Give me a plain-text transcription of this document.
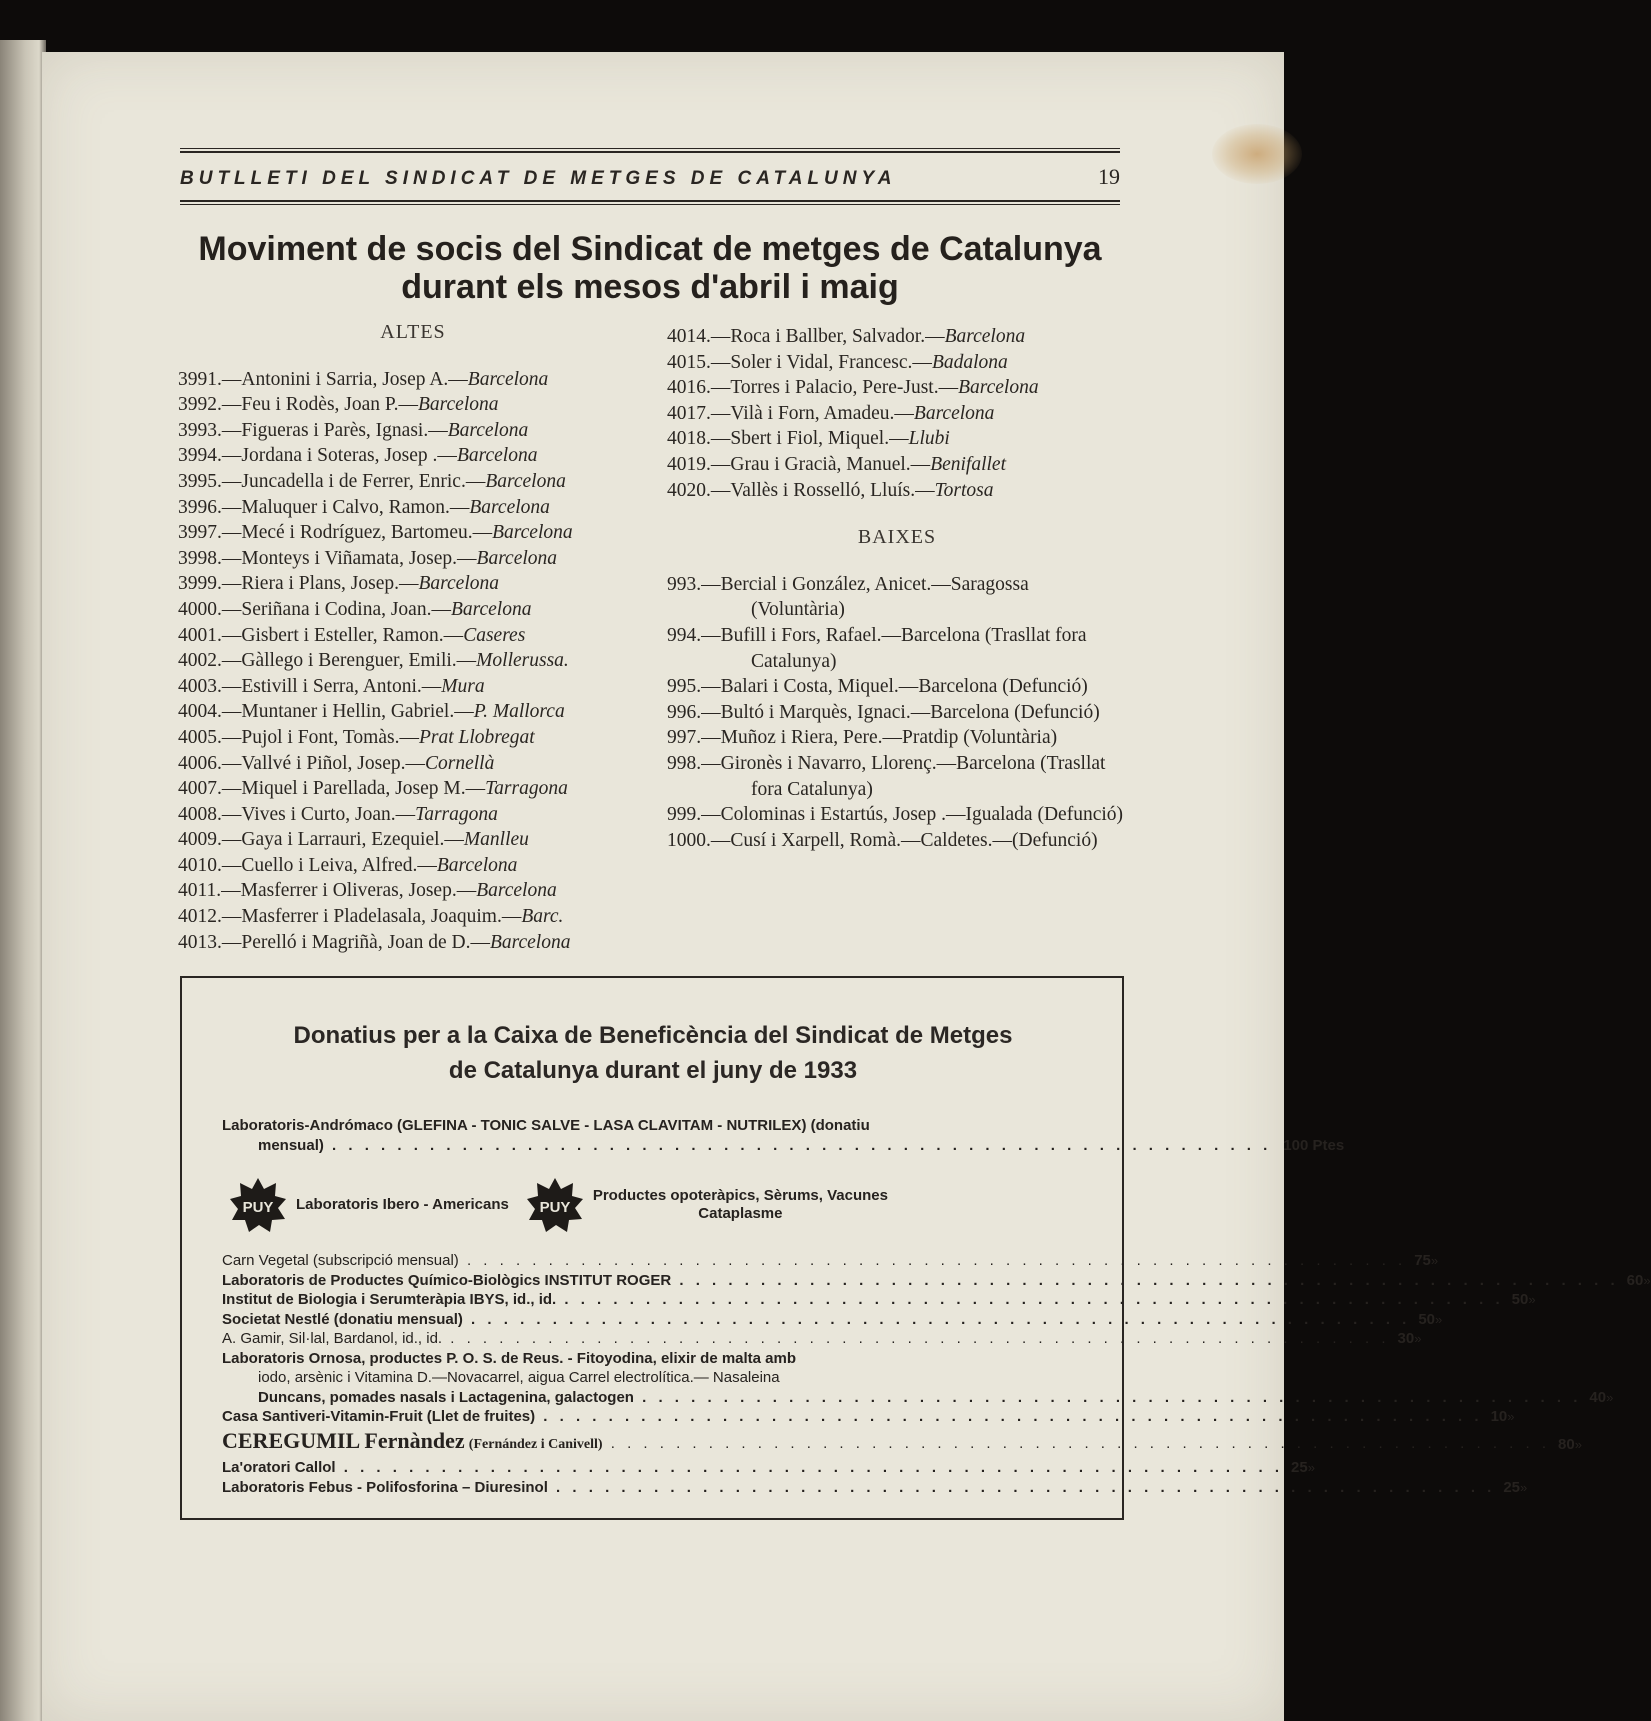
BUTLLETI DEL SINDICAT DE METGES DE CATALUNYA	19
Moviment de socis del Sindicat de metges de Catalunya
durant els mesos d'abril i maig
ALTES
3991.—Antonini i Sarria, Josep A.—Barcelona
3992.—Feu i Rodès, Joan P.—Barcelona
3993.—Figueras i Parès, Ignasi.—Barcelona
3994.—Jordana i Soteras, Josep .—Barcelona
3995.—Juncadella i de Ferrer, Enric.—Barcelona
3996.—Maluquer i Calvo, Ramon.—Barcelona
3997.—Mecé i Rodríguez, Bartomeu.—Barcelona
3998.—Monteys i Viñamata, Josep.—Barcelona
3999.—Riera i Plans, Josep.—Barcelona
4000.—Seriñana i Codina, Joan.—Barcelona
4001.—Gisbert i Esteller, Ramon.—Caseres
4002.—Gàllego i Berenguer, Emili.—Mollerussa.
4003.—Estivill i Serra, Antoni.—Mura
4004.—Muntaner i Hellin, Gabriel.—P. Mallorca
4005.—Pujol i Font, Tomàs.—Prat Llobregat
4006.—Vallvé i Piñol, Josep.—Cornellà
4007.—Miquel i Parellada, Josep M.—Tarragona
4008.—Vives i Curto, Joan.—Tarragona
4009.—Gaya i Larrauri, Ezequiel.—Manlleu
4010.—Cuello i Leiva, Alfred.—Barcelona
4011.—Masferrer i Oliveras, Josep.—Barcelona
4012.—Masferrer i Pladelasala, Joaquim.—Barc.
4013.—Perelló i Magriñà, Joan de D.—Barcelona
4014.—Roca i Ballber, Salvador.—Barcelona
4015.—Soler i Vidal, Francesc.—Badalona
4016.—Torres i Palacio, Pere-Just.—Barcelona
4017.—Vilà i Forn, Amadeu.—Barcelona
4018.—Sbert i Fiol, Miquel.—Llubi
4019.—Grau i Gracià, Manuel.—Benifallet
4020.—Vallès i Rosselló, Lluís.—Tortosa
BAIXES
993.—Bercial i González, Anicet.—Saragossa (Voluntària)
994.—Bufill i Fors, Rafael.—Barcelona (Trasllat fora Catalunya)
995.—Balari i Costa, Miquel.—Barcelona (Defunció)
996.—Bultó i Marquès, Ignaci.—Barcelona (Defunció)
997.—Muñoz i Riera, Pere.—Pratdip (Voluntària)
998.—Gironès i Navarro, Llorenç.—Barcelona (Trasllat fora Catalunya)
999.—Colominas i Estartús, Josep .—Igualada (Defunció)
1000.—Cusí i Xarpell, Romà.—Caldetes.—(Defunció)
Donatius per a la Caixa de Beneficència del Sindicat de Metges
de Catalunya durant el juny de 1933
Laboratoris-Andrómaco (GLEFINA - TONIC SALVE - LASA CLAVITAM - NUTRILEX) (donatiu
mensual) . . .	100 Ptes
PUY Laboratoris Ibero - Americans PUY
Productes opoteràpics, Sèrums, Vacunes
Cataplasme
Carn Vegetal (subscripció mensual) . . .	75 »
Laboratoris de Productes Químico-Biològics INSTITUT ROGER . . .	60 »
Institut de Biologia i Serumteràpia IBYS, id., id. . . .	50 »
Societat Nestlé (donatiu mensual) . . .	50 »
A. Gamir, Sil·lal, Bardanol, id., id. . . .	30 »
Laboratoris Ornosa, productes P. O. S. de Reus. - Fitoyodina, elixir de malta amb
iodo, arsènic i Vitamina D.—Novacarrel, aigua Carrel electrolítica.— Nasaleina
Duncans, pomades nasals i Lactagenina, galactogen . . .	40 »
Casa Santiveri-Vitamin-Fruit (Llet de fruites) . . .	10 »
CEREGUMIL Fernàndez (Fernández i Canivell) . . .	80 »
La'oratori Callol . . .	25 »
Laboratoris Febus - Polifosforina – Diuresinol . . .	25 »
